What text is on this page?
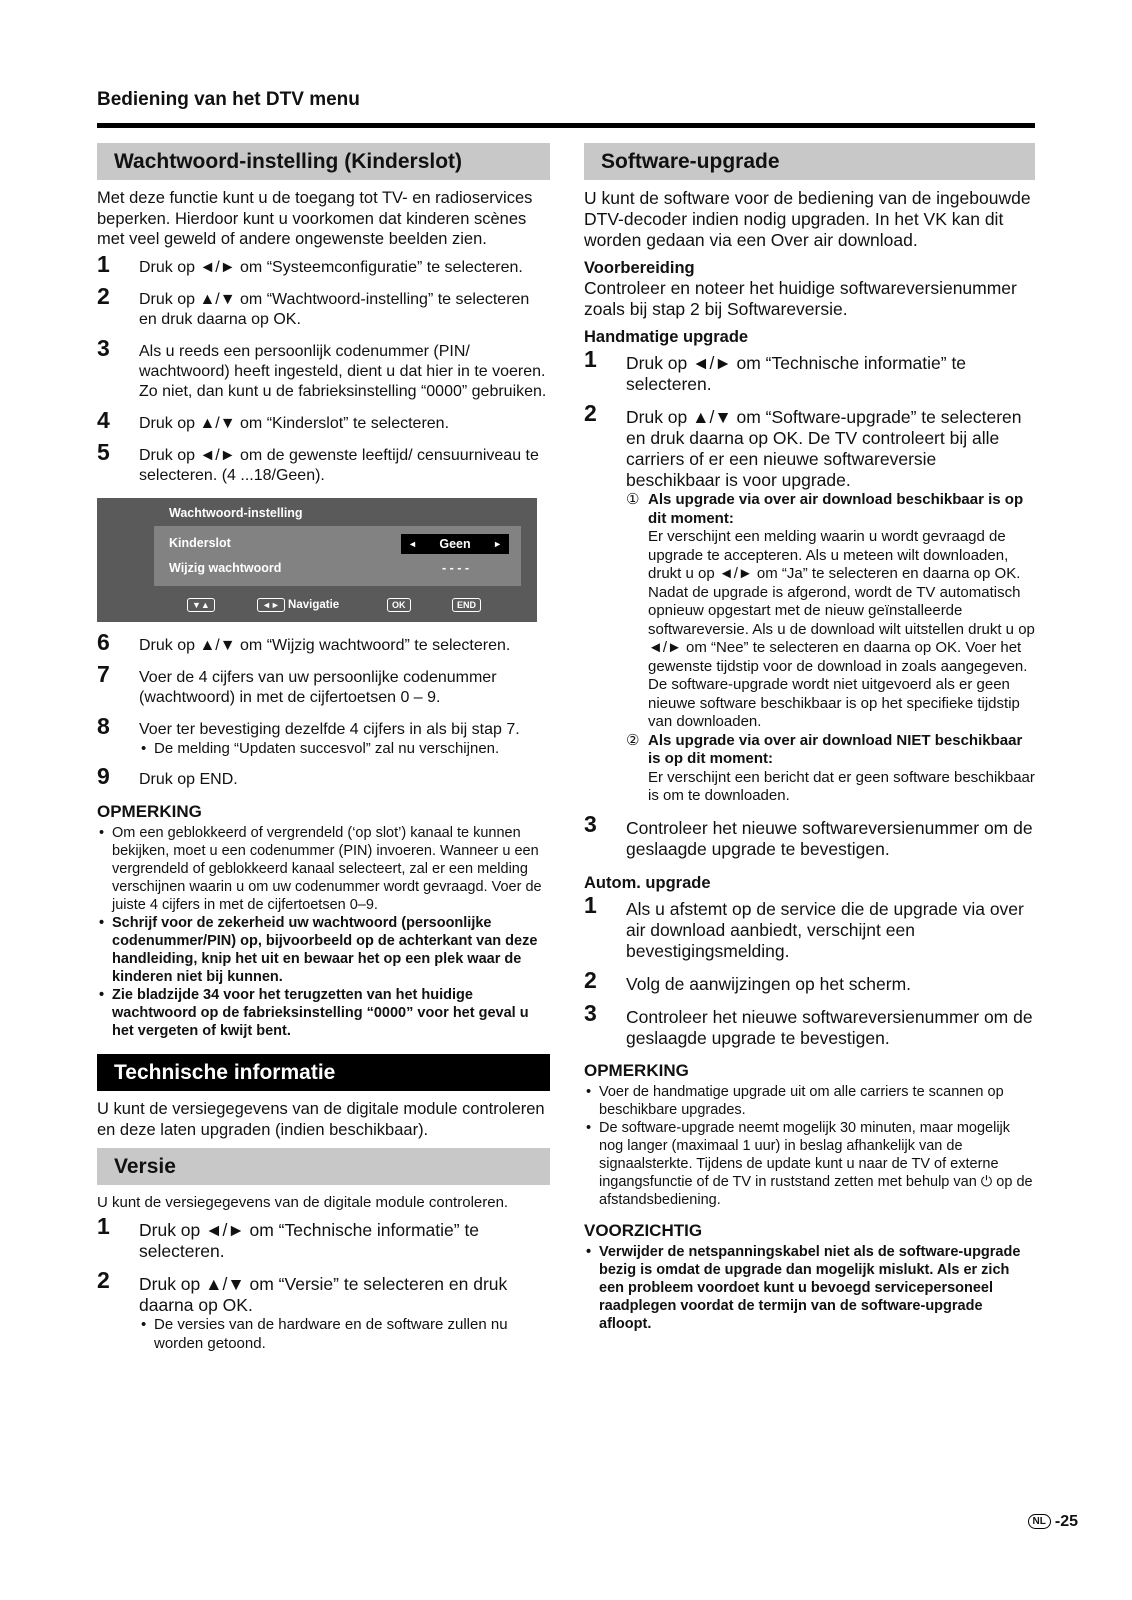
Bediening van het DTV menu
Wachtwoord-instelling (Kinderslot)
Met deze functie kunt u de toegang tot TV- en radioservices beperken. Hierdoor kunt u voorkomen dat kinderen scènes met veel geweld of andere ongewenste beelden zien.
1 Druk op ◄/► om “Systeemconfiguratie” te selecteren.
2 Druk op ▲/▼ om “Wachtwoord-instelling” te selecteren en druk daarna op OK.
3 Als u reeds een persoonlijk codenummer (PIN/ wachtwoord) heeft ingesteld, dient u dat hier in te voeren. Zo niet, dan kunt u de fabrieksinstelling “0000” gebruiken.
4 Druk op ▲/▼ om “Kinderslot” te selecteren.
5 Druk op ◄/► om de gewenste leeftijd/ censuurniveau te selecteren. (4 ...18/Geen).
Wachtwoord-instelling
Kinderslot	◄ Geen ►
Wijzig wachtwoord	- - - -
▼▲	◄► Navigatie	OK	END
6 Druk op ▲/▼ om “Wijzig wachtwoord” te selecteren.
7 Voer de 4 cijfers van uw persoonlijke codenummer (wachtwoord) in met de cijfertoetsen 0 – 9.
8 Voer ter bevestiging dezelfde 4 cijfers in als bij stap 7.
• De melding “Updaten succesvol” zal nu verschijnen.
9 Druk op END.
OPMERKING
• Om een geblokkeerd of vergrendeld (‘op slot’) kanaal te kunnen bekijken, moet u een codenummer (PIN) invoeren. Wanneer u een vergrendeld of geblokkeerd kanaal selecteert, zal er een melding verschijnen waarin u om uw codenummer wordt gevraagd. Voer de juiste 4 cijfers in met de cijfertoetsen 0–9.
• Schrijf voor de zekerheid uw wachtwoord (persoonlijke codenummer/PIN) op, bijvoorbeeld op de achterkant van deze handleiding, knip het uit en bewaar het op een plek waar de kinderen niet bij kunnen.
• Zie bladzijde 34 voor het terugzetten van het huidige wachtwoord op de fabrieksinstelling “0000” voor het geval u het vergeten of kwijt bent.
Technische informatie
U kunt de versiegegevens van de digitale module controleren en deze laten upgraden (indien beschikbaar).
Versie
U kunt de versiegegevens van de digitale module controleren.
1 Druk op ◄/► om “Technische informatie” te selecteren.
2 Druk op ▲/▼ om “Versie” te selecteren en druk daarna op OK.
• De versies van de hardware en de software zullen nu worden getoond.
Software-upgrade
U kunt de software voor de bediening van de ingebouwde DTV-decoder indien nodig upgraden. In het VK kan dit worden gedaan via een Over air download.
Voorbereiding
Controleer en noteer het huidige softwareversienummer zoals bij stap 2 bij Softwareversie.
Handmatige upgrade
1 Druk op ◄/► om “Technische informatie” te selecteren.
2 Druk op ▲/▼ om “Software-upgrade” te selecteren en druk daarna op OK. De TV controleert bij alle carriers of er een nieuwe softwareversie beschikbaar is voor upgrade.
① Als upgrade via over air download beschikbaar is op dit moment:
Er verschijnt een melding waarin u wordt gevraagd de upgrade te accepteren. Als u meteen wilt downloaden, drukt u op ◄/► om “Ja” te selecteren en daarna op OK. Nadat de upgrade is afgerond, wordt de TV automatisch opnieuw opgestart met de nieuw geïnstalleerde softwareversie. Als u de download wilt uitstellen drukt u op ◄/► om “Nee” te selecteren en daarna op OK. Voer het gewenste tijdstip voor de download in zoals aangegeven. De software-upgrade wordt niet uitgevoerd als er geen nieuwe software beschikbaar is op het specifieke tijdstip van downloaden.
② Als upgrade via over air download NIET beschikbaar is op dit moment:
Er verschijnt een bericht dat er geen software beschikbaar is om te downloaden.
3 Controleer het nieuwe softwareversienummer om de geslaagde upgrade te bevestigen.
Autom. upgrade
1 Als u afstemt op de service die de upgrade via over air download aanbiedt, verschijnt een bevestigingsmelding.
2 Volg de aanwijzingen op het scherm.
3 Controleer het nieuwe softwareversienummer om de geslaagde upgrade te bevestigen.
OPMERKING
• Voer de handmatige upgrade uit om alle carriers te scannen op beschikbare upgrades.
• De software-upgrade neemt mogelijk 30 minuten, maar mogelijk nog langer (maximaal 1 uur) in beslag afhankelijk van de signaalsterkte. Tijdens de update kunt u naar de TV of externe ingangsfunctie of de TV in ruststand zetten met behulp van ⏻ op de afstandsbediening.
VOORZICHTIG
• Verwijder de netspanningskabel niet als de software-upgrade bezig is omdat de upgrade dan mogelijk mislukt. Als er zich een probleem voordoet kunt u bevoegd servicepersoneel raadplegen voordat de termijn van de software-upgrade afloopt.
NL -25
